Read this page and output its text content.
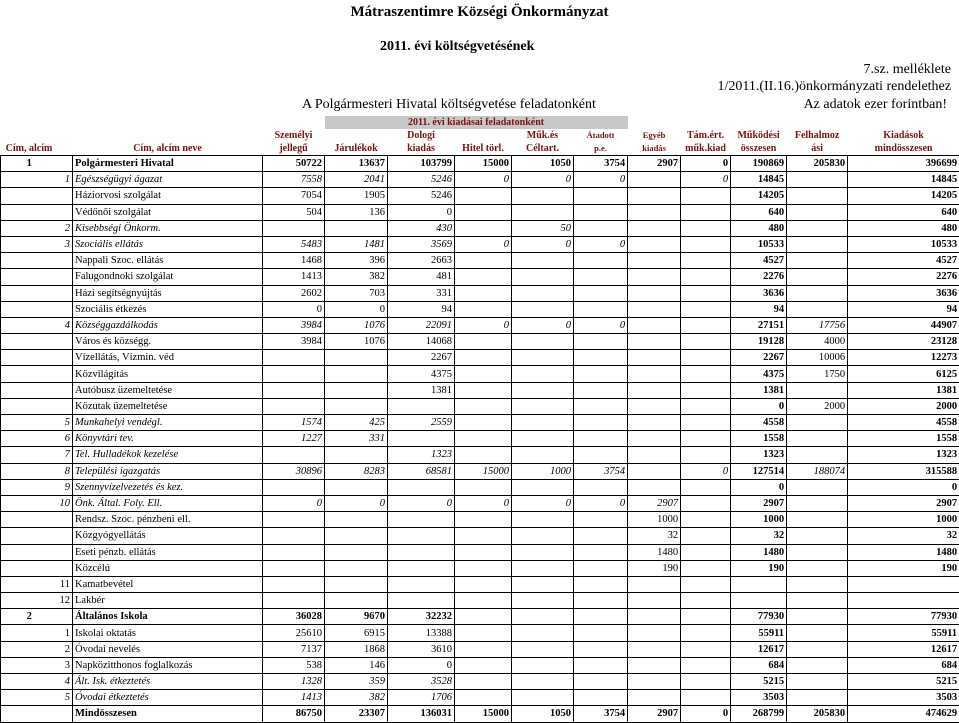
Mátraszentimre Községi Önkormányzat
2011. évi költségvetésének
7.sz. melléklete
1/2011.(II.16.)önkormányzati rendelethez
A Polgármesteri Hivatal költségvetése feladatonként	Az adatok ezer forintban!
				2011. évi kiadásai feladatonként									
			Személyi		Dologi		Műk.és	Átadott	Egyéb	Tám.ért.	Működési	Felhalmoz	Kiadások
Cím, alcím		Cím, alcím neve	jellegű	Járulékok	kiadás	Hitel törl.	Céltart.	p.e.	kiadás	műk.kiad	összesen	ási	mindösszesen
1		Polgármesteri Hivatal	50722	13637	103799	15000	1050	3754	2907	0	190869	205830	396699
	1	Egészségügyi ágazat	7558	2041	5246	0	0	0		0	14845		14845
		Háziorvosi szolgálat	7054	1905	5246						14205		14205
		Védőnői szolgálat	504	136	0						640		640
	2	Kisebbségi Önkorm.			430		50				480		480
	3	Szociális ellátás	5483	1481	3569	0	0	0			10533		10533
		Nappali Szoc. ellátás	1468	396	2663						4527		4527
		Falugondnoki szolgálat	1413	382	481						2276		2276
		Házi segítségnyújtás	2602	703	331						3636		3636
		Szociális étkezés	0	0	94						94		94
	4	Községgazdálkodás	3984	1076	22091	0	0	0			27151	17756	44907
		Város és községg.	3984	1076	14068						19128	4000	23128
		Vízellátás, Vízmin. véd			2267						2267	10006	12273
		Közvilágítás			4375						4375	1750	6125
		Autóbusz üzemeltetése			1381						1381		1381
		Közutak üzemeltetése									0	2000	2000
	5	Munkahelyi vendégl.	1574	425	2559						4558		4558
	6	Könyvtári tev.	1227	331							1558		1558
	7	Tel. Hulladékok kezelése			1323						1323		1323
	8	Települési igazgatás	30896	8283	68581	15000	1000	3754		0	127514	188074	315588
	9	Szennyvízelvezetés és kez.									0		0
	10	Önk. Által. Foly. Ell.	0	0	0	0	0	0	2907		2907		2907
		Rendsz. Szoc. pénzbeni ell.							1000		1000		1000
		Közgyógyellátás							32		32		32
		Eseti pénzb. ellátás							1480		1480		1480
		Közcélú							190		190		190
	11	Kamatbevétel											
	12	Lakbér											
2		Általános Iskola	36028	9670	32232						77930		77930
	1	Iskolai oktatás	25610	6915	13388						55911		55911
	2	Óvodai nevelés	7137	1868	3610						12617		12617
	3	Napközitthonos foglalkozás	538	146	0						684		684
	4	Ált. Isk. étkeztetés	1328	359	3528						5215		5215
	5	Óvodai étkeztetés	1413	382	1706						3503		3503
		Mindösszesen	86750	23307	136031	15000	1050	3754	2907	0	268799	205830	474629
